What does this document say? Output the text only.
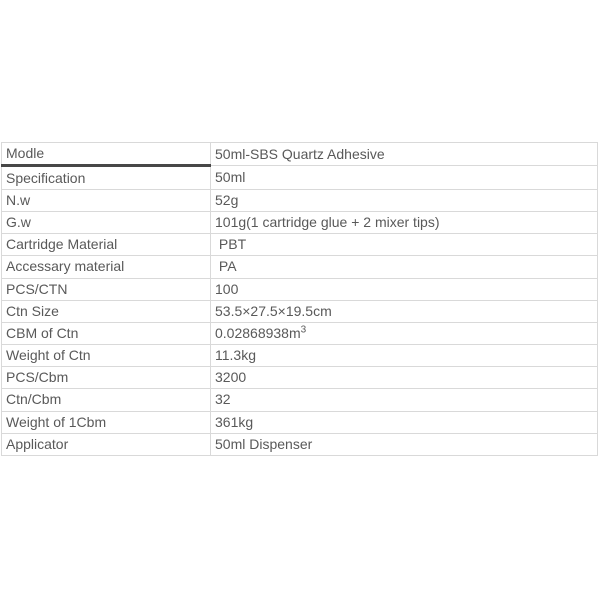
Modle	50ml-SBS Quartz Adhesive
Specification	50ml
N.w	52g
G.w	101g(1 cartridge glue + 2 mixer tips)
Cartridge Material	PBT
Accessary material	PA
PCS/CTN	100
Ctn Size	53.5×27.5×19.5cm
CBM of Ctn	$0.02868938m^3$
Weight of Ctn	11.3kg
PCS/Cbm	3200
Ctn/Cbm	32
Weight of 1Cbm	361kg
Applicator	50ml Dispenser
